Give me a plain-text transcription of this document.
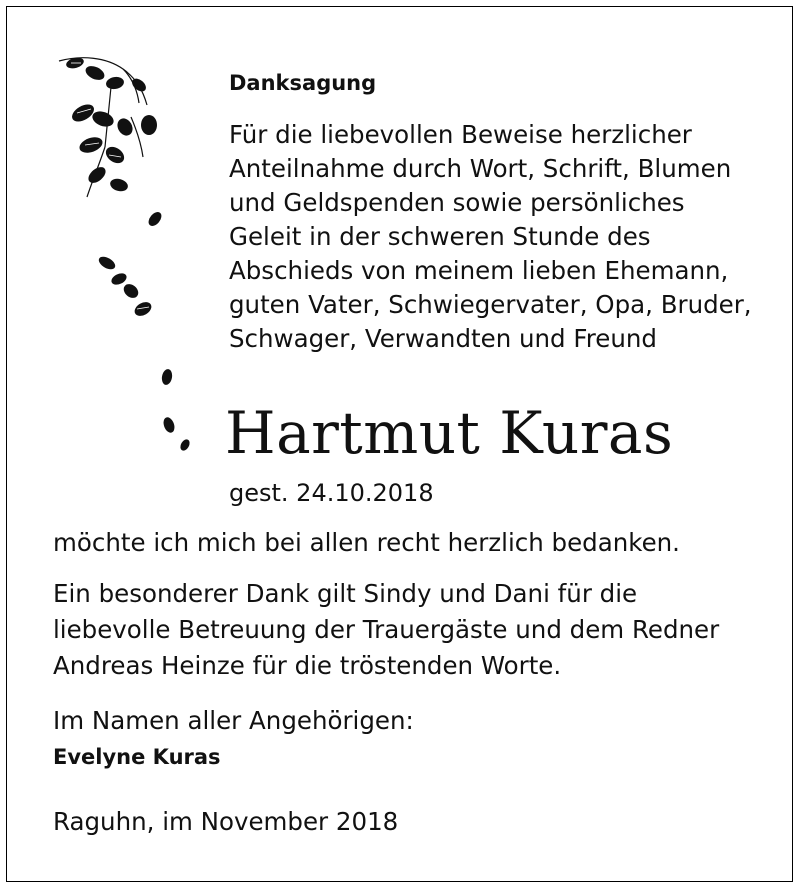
Danksagung
Für die liebevollen Beweise herzlicher
Anteilnahme durch Wort, Schrift, Blumen
und Geldspenden sowie persönliches
Geleit in der schweren Stunde des
Abschieds von meinem lieben Ehemann,
guten Vater, Schwiegervater, Opa, Bruder,
Schwager, Verwandten und Freund
Hartmut Kuras
gest. 24.10.2018
möchte ich mich bei allen recht herzlich bedanken.
Ein besonderer Dank gilt Sindy und Dani für die
liebevolle Betreuung der Trauergäste und dem Redner
Andreas Heinze für die tröstenden Worte.
Im Namen aller Angehörigen:
Evelyne Kuras
Raguhn, im November 2018
